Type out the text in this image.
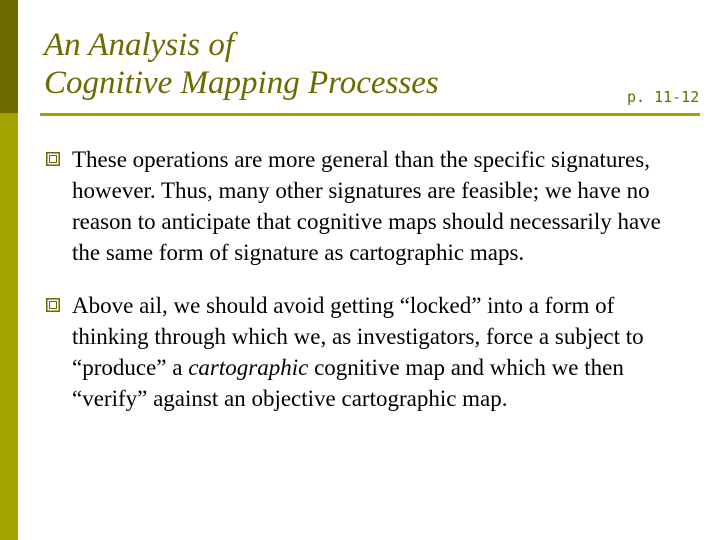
An Analysis of
Cognitive Mapping Processes	p. 11-12
These operations are more general than the specific signatures, however. Thus, many other signatures are feasible; we have no reason to anticipate that cognitive maps should necessarily have the same form of signature as cartographic maps.
Above ail, we should avoid getting “locked” into a form of thinking through which we, as investigators, force a subject to “produce” a cartographic cognitive map and which we then “verify” against an objective cartographic map.
